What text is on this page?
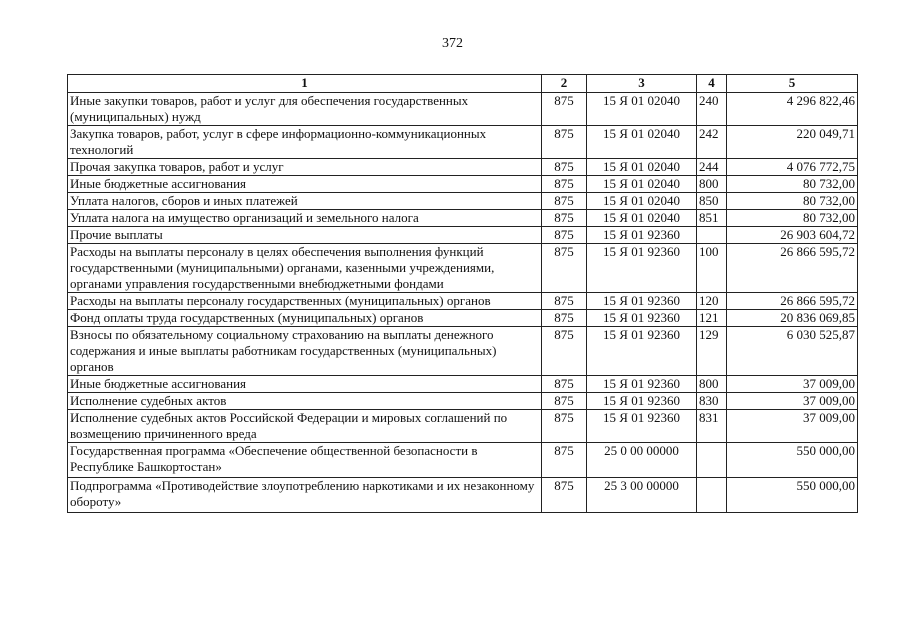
372
1	2	3	4	5
Иные закупки товаров, работ и услуг для обеспечения государственных (муниципальных) нужд	875	15 Я 01 02040	240	4 296 822,46
Закупка товаров, работ, услуг в сфере информационно-коммуникационных технологий	875	15 Я 01 02040	242	220 049,71
Прочая закупка товаров, работ и услуг	875	15 Я 01 02040	244	4 076 772,75
Иные бюджетные ассигнования	875	15 Я 01 02040	800	80 732,00
Уплата налогов, сборов и иных платежей	875	15 Я 01 02040	850	80 732,00
Уплата налога на имущество организаций и земельного налога	875	15 Я 01 02040	851	80 732,00
Прочие выплаты	875	15 Я 01 92360		26 903 604,72
Расходы на выплаты персоналу в целях обеспечения выполнения функций государственными (муниципальными) органами, казенными учреждениями, органами управления государственными внебюджетными фондами	875	15 Я 01 92360	100	26 866 595,72
Расходы на выплаты персоналу государственных (муниципальных) органов	875	15 Я 01 92360	120	26 866 595,72
Фонд оплаты труда государственных (муниципальных) органов	875	15 Я 01 92360	121	20 836 069,85
Взносы по обязательному социальному страхованию на выплаты денежного содержания и иные выплаты работникам государственных (муниципальных) органов	875	15 Я 01 92360	129	6 030 525,87
Иные бюджетные ассигнования	875	15 Я 01 92360	800	37 009,00
Исполнение судебных актов	875	15 Я 01 92360	830	37 009,00
Исполнение судебных актов Российской Федерации и мировых соглашений по возмещению причиненного вреда	875	15 Я 01 92360	831	37 009,00
Государственная программа «Обеспечение общественной безопасности в Республике Башкортостан»	875	25 0 00 00000		550 000,00
Подпрограмма «Противодействие злоупотреблению наркотиками и их незаконному обороту»	875	25 3 00 00000		550 000,00
